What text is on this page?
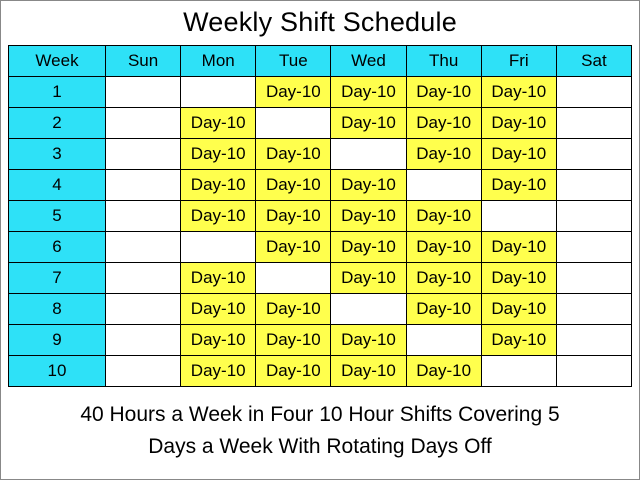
Weekly Shift Schedule
Week	Sun	Mon	Tue	Wed	Thu	Fri	Sat
1			Day-10	Day-10	Day-10	Day-10	
2		Day-10		Day-10	Day-10	Day-10	
3		Day-10	Day-10		Day-10	Day-10	
4		Day-10	Day-10	Day-10		Day-10	
5		Day-10	Day-10	Day-10	Day-10		
6			Day-10	Day-10	Day-10	Day-10	
7		Day-10		Day-10	Day-10	Day-10	
8		Day-10	Day-10		Day-10	Day-10	
9		Day-10	Day-10	Day-10		Day-10	
10		Day-10	Day-10	Day-10	Day-10		
40 Hours a Week in Four 10 Hour Shifts Covering 5
Days a Week With Rotating Days Off
